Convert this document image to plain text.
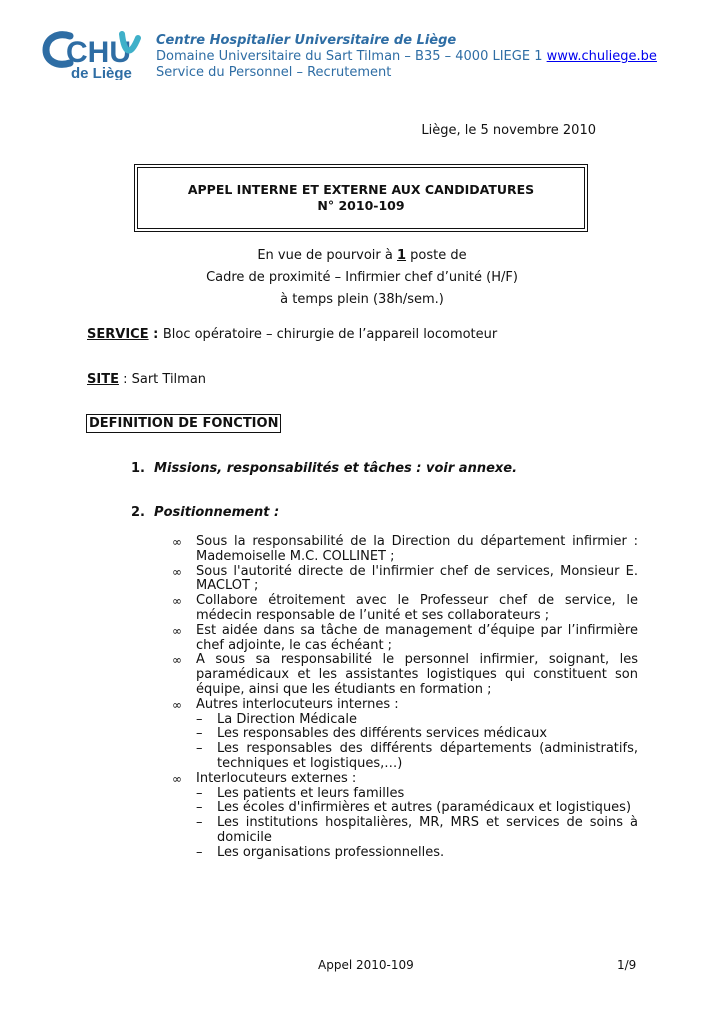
CHU
de Liège
Centre Hospitalier Universitaire de Liège
Domaine Universitaire du Sart Tilman – B35 – 4000 LIEGE 1 www.chuliege.be
Service du Personnel – Recrutement
Liège, le 5 novembre 2010
APPEL INTERNE ET EXTERNE AUX CANDIDATURES
N° 2010-109
En vue de pourvoir à 1 poste de
Cadre de proximité – Infirmier chef d’unité (H/F)
à temps plein (38h/sem.)
SERVICE : Bloc opératoire – chirurgie de l’appareil locomoteur
SITE : Sart Tilman
DEFINITION DE FONCTION
1. Missions, responsabilités et tâches : voir annexe.
2. Positionnement :
∞	Sous la responsabilité de la Direction du département infirmier : Mademoiselle M.C. COLLINET ;
∞	Sous l'autorité directe de l'infirmier chef de services, Monsieur E. MACLOT ;
∞	Collabore étroitement avec le Professeur chef de service, le médecin responsable de l’unité et ses collaborateurs ;
∞	Est aidée dans sa tâche de management d’équipe par l’infirmière chef adjointe, le cas échéant ;
∞	A sous sa responsabilité le personnel infirmier, soignant, les paramédicaux et les assistantes logistiques qui constituent son équipe, ainsi que les étudiants en formation ;
∞	Autres interlocuteurs internes :
–	La Direction Médicale
–	Les responsables des différents services médicaux
–	Les responsables des différents départements (administratifs, techniques et logistiques,…)
∞	Interlocuteurs externes :
–	Les patients et leurs familles
–	Les écoles d'infirmières et autres (paramédicaux et logistiques)
–	Les institutions hospitalières, MR, MRS et services de soins à domicile
–	Les organisations professionnelles.
Appel 2010-109	1/9
